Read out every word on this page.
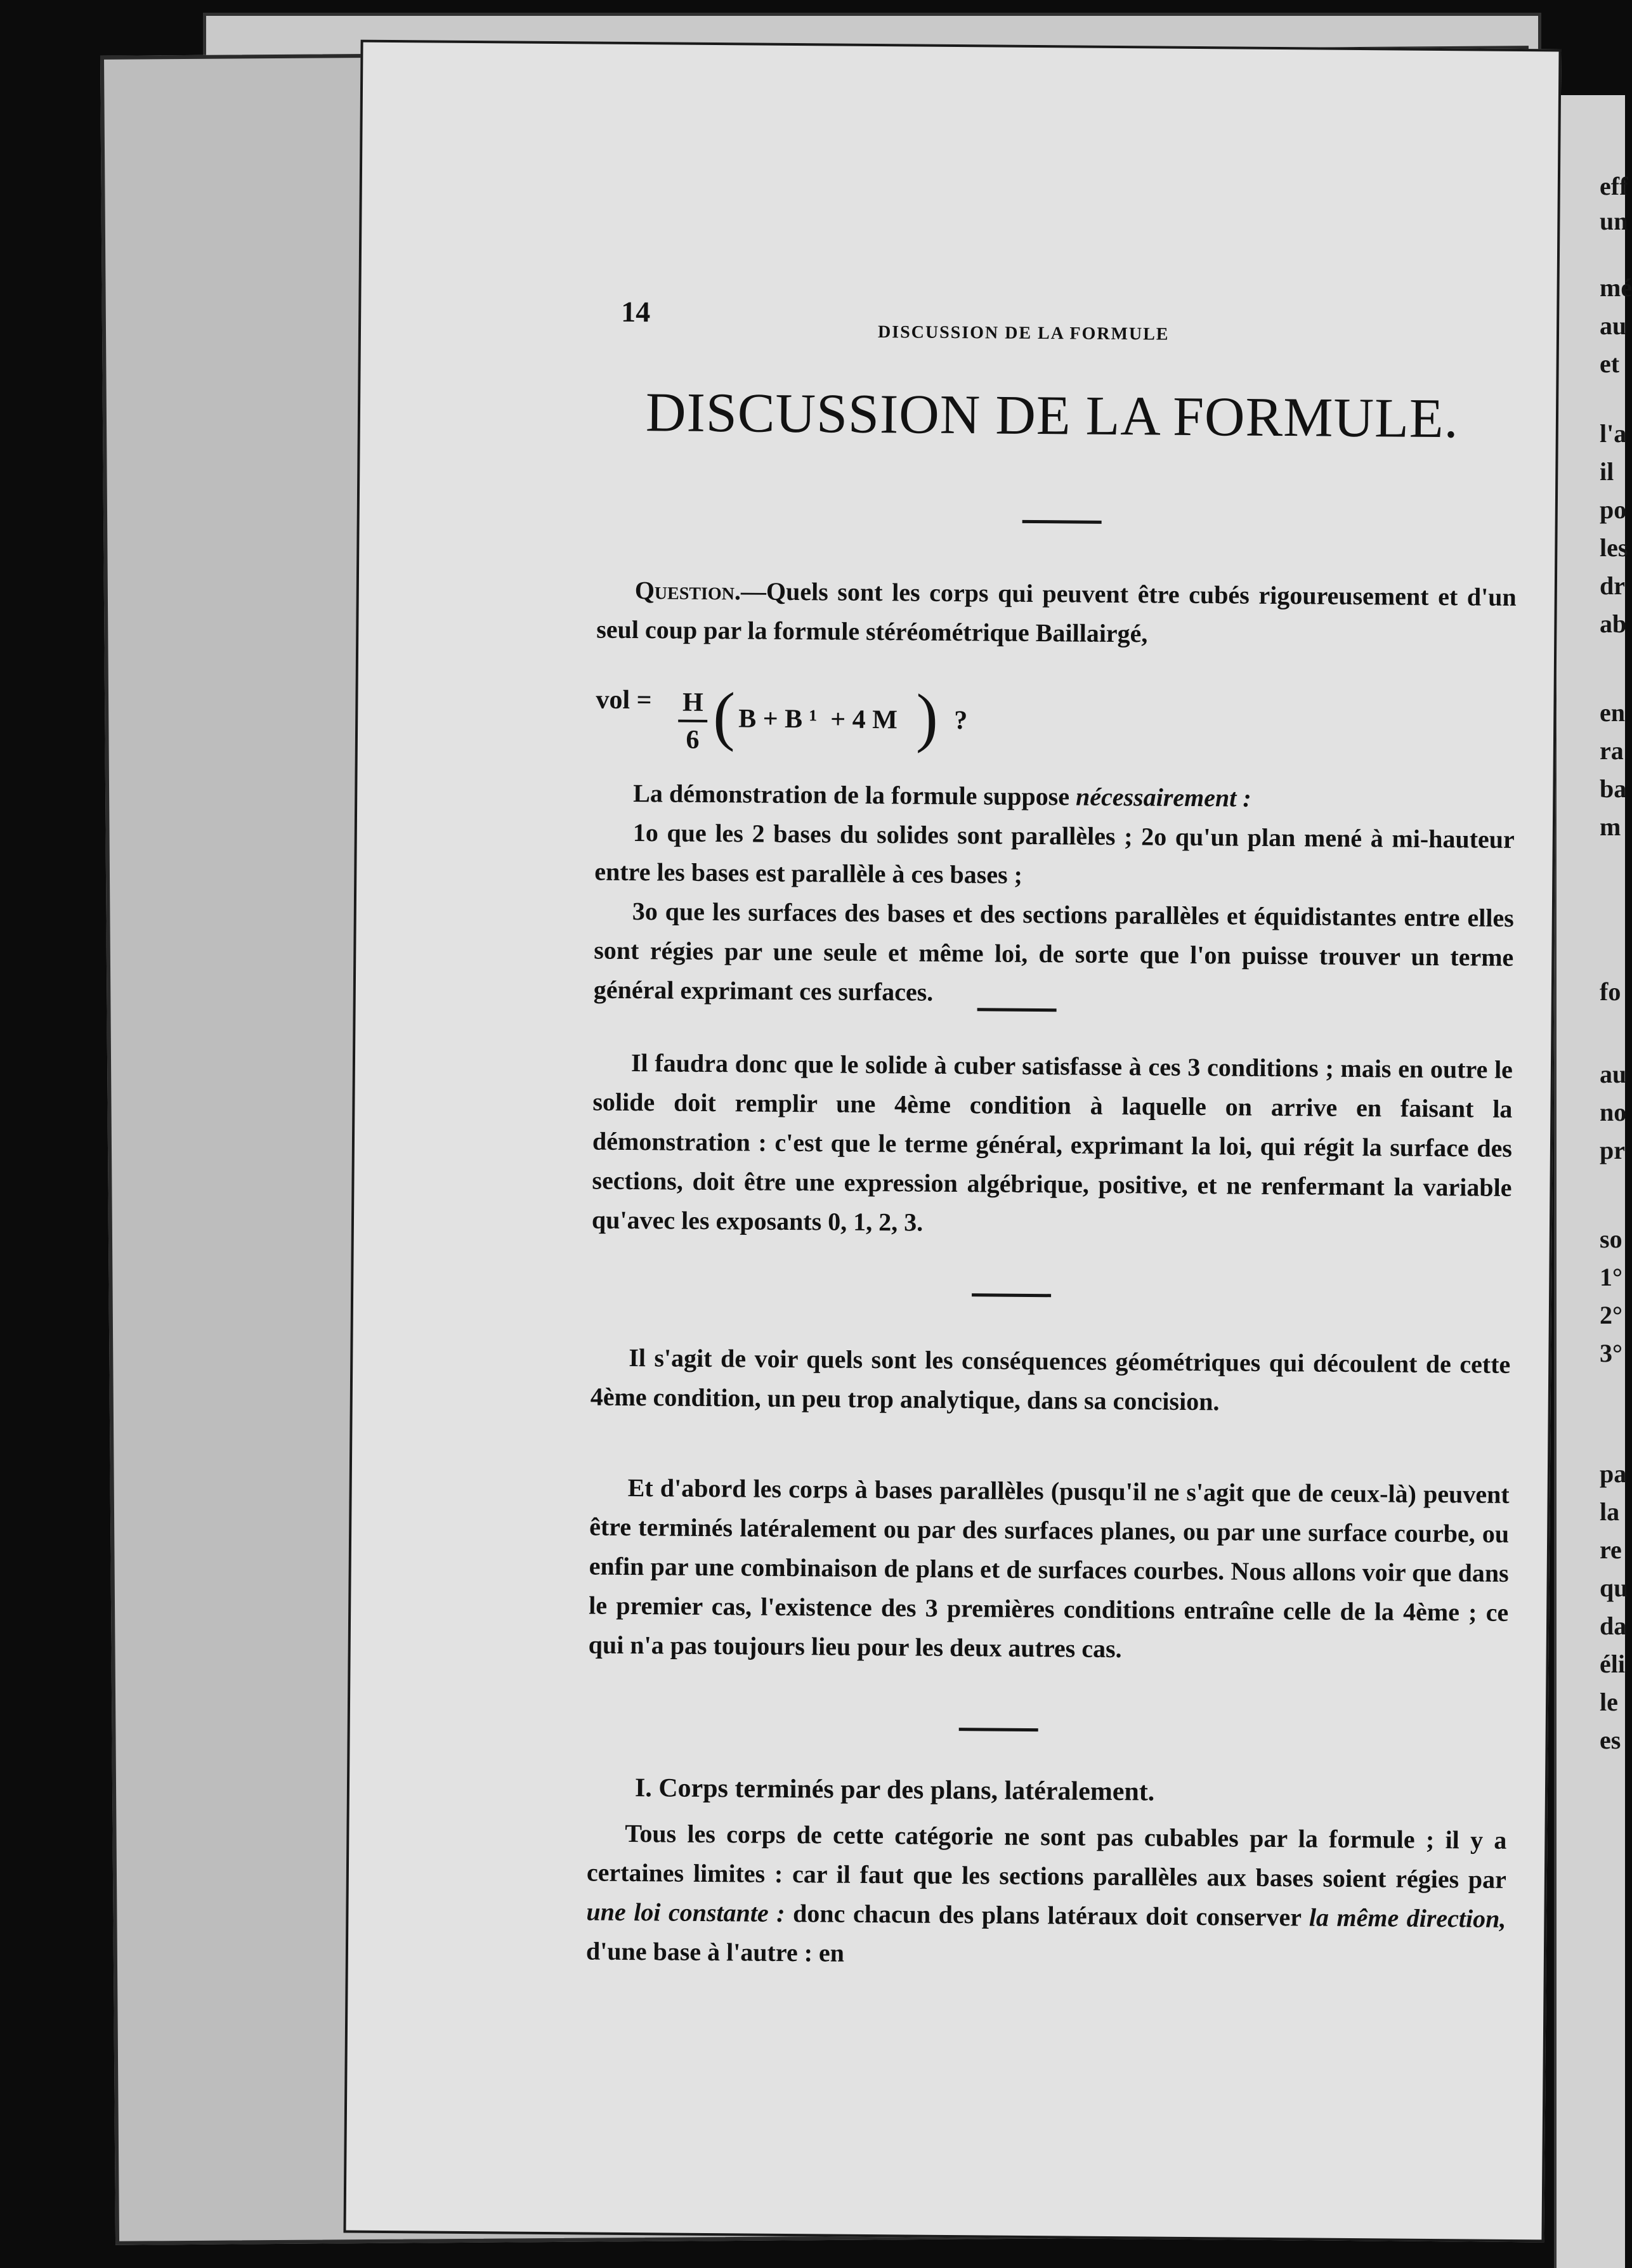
eff
un
mé
au
et
l'a
il
po
les
dr
ab
en
ra
ba
m
fo
au
no
pr
so
1°
2°
3°
pa
la
re
qu
da
éli
le
es
14
DISCUSSION DE LA FORMULE
DISCUSSION DE LA FORMULE.
Question.—Quels sont les corps qui peuvent être cubés rigoureusement et d'un seul coup par la formule stéréométrique Baillairgé,
vol = $\frac{H}{6}$ ( B + B ¹  + 4 M ) ?
La démonstration de la formule suppose nécessairement :
1o que les 2 bases du solides sont parallèles ; 2o qu'un plan mené à mi-hauteur entre les bases est parallèle à ces bases ;
3o que les surfaces des bases et des sections parallèles et équidistantes entre elles sont régies par une seule et même loi, de sorte que l'on puisse trouver un terme général exprimant ces surfaces.
Il faudra donc que le solide à cuber satisfasse à ces 3 conditions ; mais en outre le solide doit remplir une 4ème condition à laquelle on arrive en faisant la démonstration : c'est que le terme général, exprimant la loi, qui régit la surface des sections, doit être une expression algébrique, positive, et ne renfermant la variable qu'avec les exposants 0, 1, 2, 3.
Il s'agit de voir quels sont les conséquences géométriques qui découlent de cette 4ème condition, un peu trop analytique, dans sa concision.
Et d'abord les corps à bases parallèles (pusqu'il ne s'agit que de ceux-là) peuvent être terminés latéralement ou par des surfaces planes, ou par une surface courbe, ou enfin par une combinaison de plans et de surfaces courbes. Nous allons voir que dans le premier cas, l'existence des 3 premières conditions entraîne celle de la 4ème ; ce qui n'a pas toujours lieu pour les deux autres cas.
I. Corps terminés par des plans, latéralement.
Tous les corps de cette catégorie ne sont pas cubables par la formule ; il y a certaines limites : car il faut que les sections parallèles aux bases soient régies par une loi constante : donc chacun des plans latéraux doit conserver la même direction, d'une base à l'autre : en
